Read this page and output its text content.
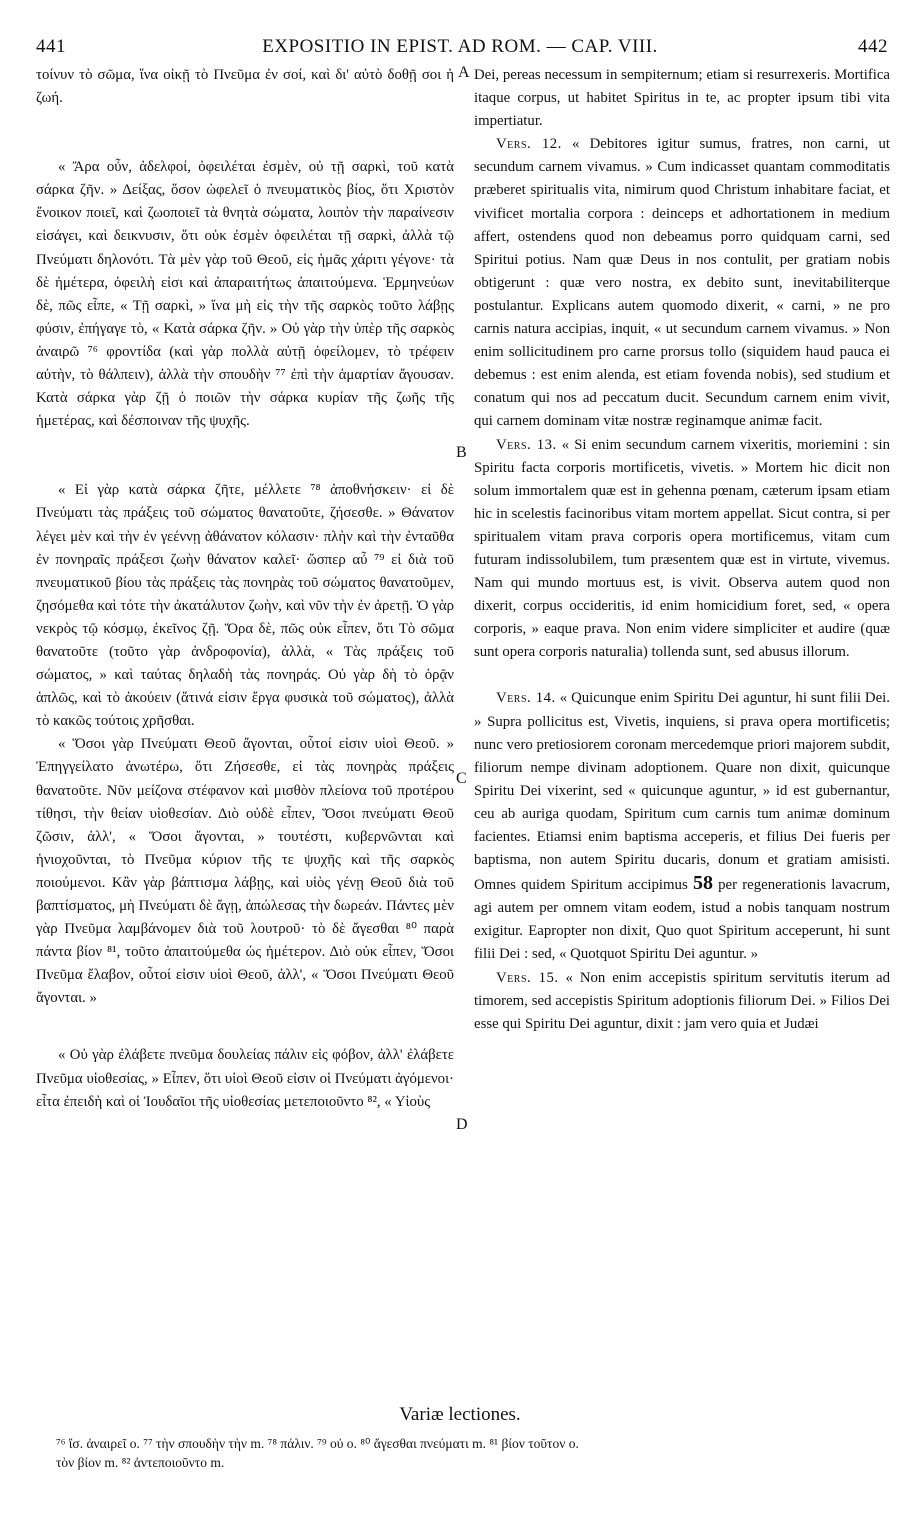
441	EXPOSITIO IN EPIST. AD ROM. — CAP. VIII.	442

τοίνυν τὸ σῶμα, ἵνα οἰκῇ τὸ Πνεῦμα ἐν σοί, καὶ δι' αὐτὸ δοθῇ σοι ἡ ζωή.

« Ἄρα οὖν, ἀδελφοί, ὀφειλέται ἐσμὲν, οὐ τῇ σαρκὶ, τοῦ κατὰ σάρκα ζῆν. » Δείξας, ὅσον ὠφελεῖ ὁ πνευματικὸς βίος, ὅτι Χριστὸν ἔνοικον ποιεῖ, καὶ ζωοποιεῖ τὰ θνητὰ σώματα, λοιπὸν τὴν παραίνεσιν εἰσάγει, καὶ δεικνυσιν, ὅτι οὐκ ἐσμὲν ὀφειλέται τῇ σαρκὶ, ἀλλὰ τῷ Πνεύματι δηλονότι. Τὰ μὲν γὰρ τοῦ Θεοῦ, εἰς ἡμᾶς χάριτι γέγονε· τὰ δὲ ἡμέτερα, ὀφειλὴ εἰσι καὶ ἀπαραιτήτως ἀπαιτούμενα. Ἑρμηνεύων δὲ, πῶς εἶπε, « Τῇ σαρκὶ, » ἵνα μὴ εἰς τὴν τῆς σαρκὸς τοῦτο λάβῃς φύσιν, ἐπήγαγε τὸ, « Κατὰ σάρκα ζῆν. » Οὐ γὰρ τὴν ὑπὲρ τῆς σαρκὸς ἀναιρῶ ⁷⁶ φροντίδα (καὶ γὰρ πολλὰ αὐτῇ ὀφείλομεν, τὸ τρέφειν αὐτὴν, τὸ θάλπειν), ἀλλὰ τὴν σπουδὴν ⁷⁷ ἐπὶ τὴν ἁμαρτίαν ἄγουσαν. Κατὰ σάρκα γὰρ ζῇ ὁ ποιῶν τὴν σάρκα κυρίαν τῆς ζωῆς τῆς ἡμετέρας, καὶ δέσποιναν τῆς ψυχῆς.

« Εἰ γὰρ κατὰ σάρκα ζῆτε, μέλλετε ⁷⁸ ἀποθνήσκειν· εἰ δὲ Πνεύματι τὰς πράξεις τοῦ σώματος θανατοῦτε, ζήσεσθε. » Θάνατον λέγει μὲν καὶ τὴν ἐν γεέννῃ ἀθάνατον κόλασιν· πλὴν καὶ τὴν ἐνταῦθα ἐν πονηραῖς πράξεσι ζωὴν θάνατον καλεῖ· ὥσπερ αὖ ⁷⁹ εἰ διὰ τοῦ πνευματικοῦ βίου τὰς πράξεις τὰς πονηρὰς τοῦ σώματος θανατοῦμεν, ζησόμεθα καὶ τότε τὴν ἀκατάλυτον ζωὴν, καὶ νῦν τὴν ἐν ἀρετῇ. Ὁ γὰρ νεκρὸς τῷ κόσμῳ, ἐκεῖνος ζῇ. Ὅρα δὲ, πῶς οὐκ εἶπεν, ὅτι Τὸ σῶμα θανατοῦτε (τοῦτο γὰρ ἀνδροφονία), ἀλλὰ, « Τὰς πράξεις τοῦ σώματος, » καὶ ταύτας δηλαδὴ τὰς πονηράς. Οὐ γὰρ δὴ τὸ ὁρᾷν ἁπλῶς, καὶ τὸ ἀκούειν (ἅτινά εἰσιν ἔργα φυσικὰ τοῦ σώματος), ἀλλὰ τὸ κακῶς τούτοις χρῆσθαι.

« Ὅσοι γὰρ Πνεύματι Θεοῦ ἄγονται, οὗτοί εἰσιν υἱοὶ Θεοῦ. » Ἐπηγγείλατο ἀνωτέρω, ὅτι Ζήσεσθε, εἰ τὰς πονηρὰς πράξεις θανατοῦτε. Νῦν μείζονα στέφανον καὶ μισθὸν πλείονα τοῦ προτέρου τίθησι, τὴν θείαν υἱοθεσίαν. Διὸ οὐδὲ εἶπεν, Ὅσοι πνεύματι Θεοῦ ζῶσιν, ἀλλ', « Ὅσοι ἄγονται, » τουτέστι, κυβερνῶνται καὶ ἡνιοχοῦνται, τὸ Πνεῦμα κύριον τῆς τε ψυχῆς καὶ τῆς σαρκὸς ποιούμενοι. Κἂν γὰρ βάπτισμα λάβῃς, καὶ υἱὸς γένῃ Θεοῦ διὰ τοῦ βαπτίσματος, μὴ Πνεύματι δὲ ἄγῃ, ἀπώλεσας τὴν δωρεάν. Πάντες μὲν γὰρ Πνεῦμα λαμβάνομεν διὰ τοῦ λουτροῦ· τὸ δὲ ἄγεσθαι ⁸⁰ παρὰ πάντα βίον ⁸¹, τοῦτο ἀπαιτούμεθα ὡς ἡμέτερον. Διὸ οὐκ εἶπεν, Ὅσοι Πνεῦμα ἔλαβον, οὗτοί εἰσιν υἱοὶ Θεοῦ, ἀλλ', « Ὅσοι Πνεύματι Θεοῦ ἄγονται. »

« Οὐ γὰρ ἐλάβετε πνεῦμα δουλείας πάλιν εἰς φόβον, ἀλλ' ἐλάβετε Πνεῦμα υἱοθεσίας, » Εἶπεν, ὅτι υἱοὶ Θεοῦ εἰσιν οἱ Πνεύματι ἀγόμενοι· εἶτα ἐπειδὴ καὶ οἱ Ἰουδαῖοι τῆς υἱοθεσίας μετεποιοῦντο ⁸², « Υἱοὺς

A
B
C
D

Dei, pereas necessum in sempiternum; etiam si resurrexeris. Mortifica itaque corpus, ut habitet Spiritus in te, ac propter ipsum tibi vita impertiatur.

Vers. 12. « Debitores igitur sumus, fratres, non carni, ut secundum carnem vivamus. » Cum indicasset quantam commoditatis præberet spiritualis vita, nimirum quod Christum inhabitare faciat, et vivificet mortalia corpora : deinceps et adhortationem in medium affert, ostendens quod non debeamus porro quidquam carni, sed Spiritui potius. Nam quæ Deus in nos contulit, per gratiam nobis obtigerunt : quæ vero nostra, ex debito sunt, inevitabiliterque postulantur. Explicans autem quomodo dixerit, « carni, » ne pro carnis natura accipias, inquit, « ut secundum carnem vivamus. » Non enim sollicitudinem pro carne prorsus tollo (siquidem haud pauca ei debemus : est enim alenda, est etiam fovenda nobis), sed studium et conatum qui nos ad peccatum ducit. Secundum carnem enim vivit, qui carnem dominam vitæ nostræ reginamque animæ facit.

Vers. 13. « Si enim secundum carnem vixeritis, moriemini : sin Spiritu facta corporis mortificetis, vivetis. » Mortem hic dicit non solum immortalem quæ est in gehenna pœnam, cæterum ipsam etiam hic in scelestis facinoribus vitam mortem appellat. Sicut contra, si per spiritualem vitam prava corporis opera mortificemus, vitam cum futuram indissolubilem, tum præsentem quæ est in virtute, vivemus. Nam qui mundo mortuus est, is vivit. Observa autem quod non dixerit, corpus occideritis, id enim homicidium foret, sed, « opera corporis, » eaque prava. Non enim videre simpliciter et audire (quæ sunt opera corporis naturalia) tollenda sunt, sed abusus illorum.

Vers. 14. « Quicunque enim Spiritu Dei aguntur, hi sunt filii Dei. » Supra pollicitus est, Vivetis, inquiens, si prava opera mortificetis; nunc vero pretiosiorem coronam mercedemque priori majorem subdit, filiorum nempe divinam adoptionem. Quare non dixit, quicunque Spiritu Dei vixerint, sed « quicunque aguntur, » id est gubernantur, ceu ab auriga quodam, Spiritum cum carnis tum animæ dominum facientes. Etiamsi enim baptisma acceperis, et filius Dei fueris per baptisma, non autem Spiritu ducaris, donum et gratiam amisisti. Omnes quidem Spiritum accipimus 58 per regenerationis lavacrum, agi autem per omnem vitam eodem, istud a nobis tanquam nostrum exigitur. Eapropter non dixit, Quo quot Spiritum acceperunt, hi sunt filii Dei : sed, « Quotquot Spiritu Dei aguntur. »

Vers. 15. « Non enim accepistis spiritum servitutis iterum ad timorem, sed accepistis Spiritum adoptionis filiorum Dei. » Filios Dei esse qui Spiritu Dei aguntur, dixit : jam vero quia et Judæi

Variæ lectiones.
⁷⁶ ἴσ. ἀναιρεῖ ο. ⁷⁷ τὴν σπουδὴν τὴν m. ⁷⁸ πάλιν. ⁷⁹ οὐ ο. ⁸⁰ ἄγεσθαι πνεύματι m. ⁸¹ βίον τοῦτον ο.
τὸν βίον m. ⁸² ἀντεποιοῦντο m.
